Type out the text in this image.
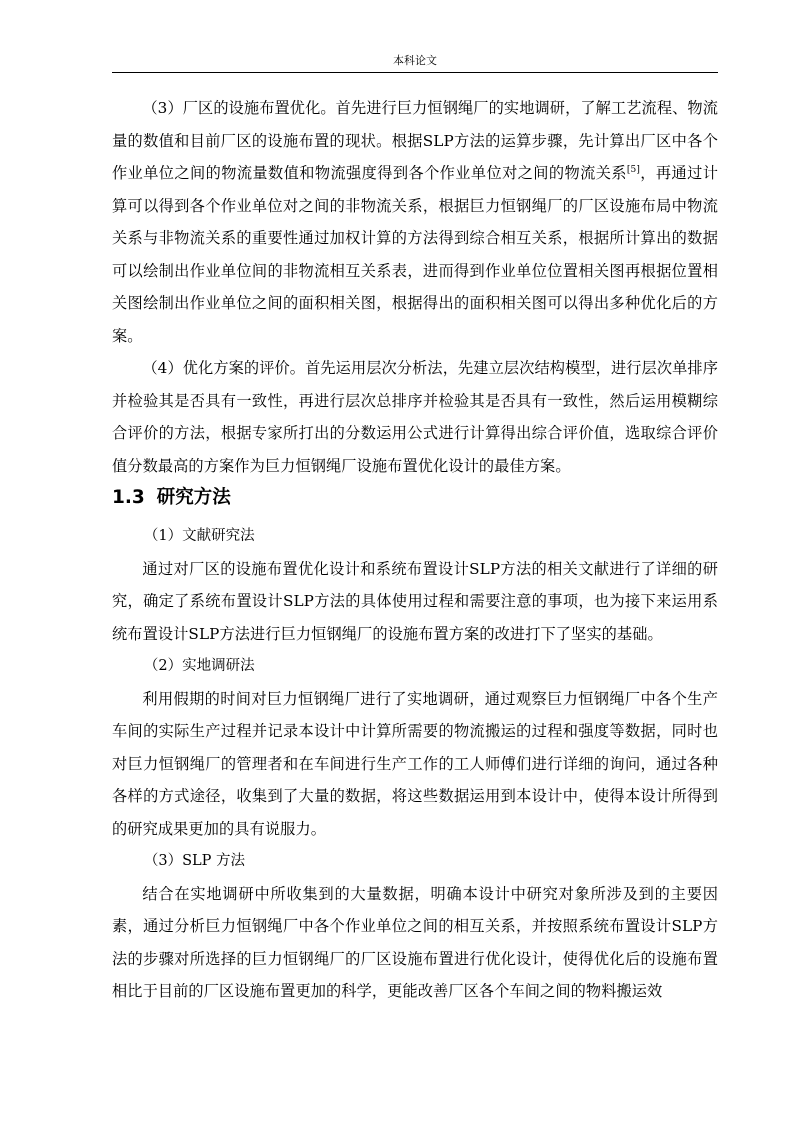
本科论文

（3）厂区的设施布置优化。首先进行巨力恒钢绳厂的实地调研，了解工艺流程、物流量的数值和目前厂区的设施布置的现状。根据SLP方法的运算步骤，先计算出厂区中各个作业单位之间的物流量数值和物流强度得到各个作业单位对之间的物流关系[5]，再通过计算可以得到各个作业单位对之间的非物流关系，根据巨力恒钢绳厂的厂区设施布局中物流关系与非物流关系的重要性通过加权计算的方法得到综合相互关系，根据所计算出的数据可以绘制出作业单位间的非物流相互关系表，进而得到作业单位位置相关图再根据位置相关图绘制出作业单位之间的面积相关图，根据得出的面积相关图可以得出多种优化后的方案。

（4）优化方案的评价。首先运用层次分析法，先建立层次结构模型，进行层次单排序并检验其是否具有一致性，再进行层次总排序并检验其是否具有一致性，然后运用模糊综合评价的方法，根据专家所打出的分数运用公式进行计算得出综合评价值，选取综合评价值分数最高的方案作为巨力恒钢绳厂设施布置优化设计的最佳方案。

1.3 研究方法

（1）文献研究法

通过对厂区的设施布置优化设计和系统布置设计SLP方法的相关文献进行了详细的研究，确定了系统布置设计SLP方法的具体使用过程和需要注意的事项，也为接下来运用系统布置设计SLP方法进行巨力恒钢绳厂的设施布置方案的改进打下了坚实的基础。

（2）实地调研法

利用假期的时间对巨力恒钢绳厂进行了实地调研，通过观察巨力恒钢绳厂中各个生产车间的实际生产过程并记录本设计中计算所需要的物流搬运的过程和强度等数据，同时也对巨力恒钢绳厂的管理者和在车间进行生产工作的工人师傅们进行详细的询问，通过各种各样的方式途径，收集到了大量的数据，将这些数据运用到本设计中，使得本设计所得到的研究成果更加的具有说服力。

（3）SLP 方法

结合在实地调研中所收集到的大量数据，明确本设计中研究对象所涉及到的主要因素，通过分析巨力恒钢绳厂中各个作业单位之间的相互关系，并按照系统布置设计SLP方法的步骤对所选择的巨力恒钢绳厂的厂区设施布置进行优化设计，使得优化后的设施布置相比于目前的厂区设施布置更加的科学，更能改善厂区各个车间之间的物料搬运效
